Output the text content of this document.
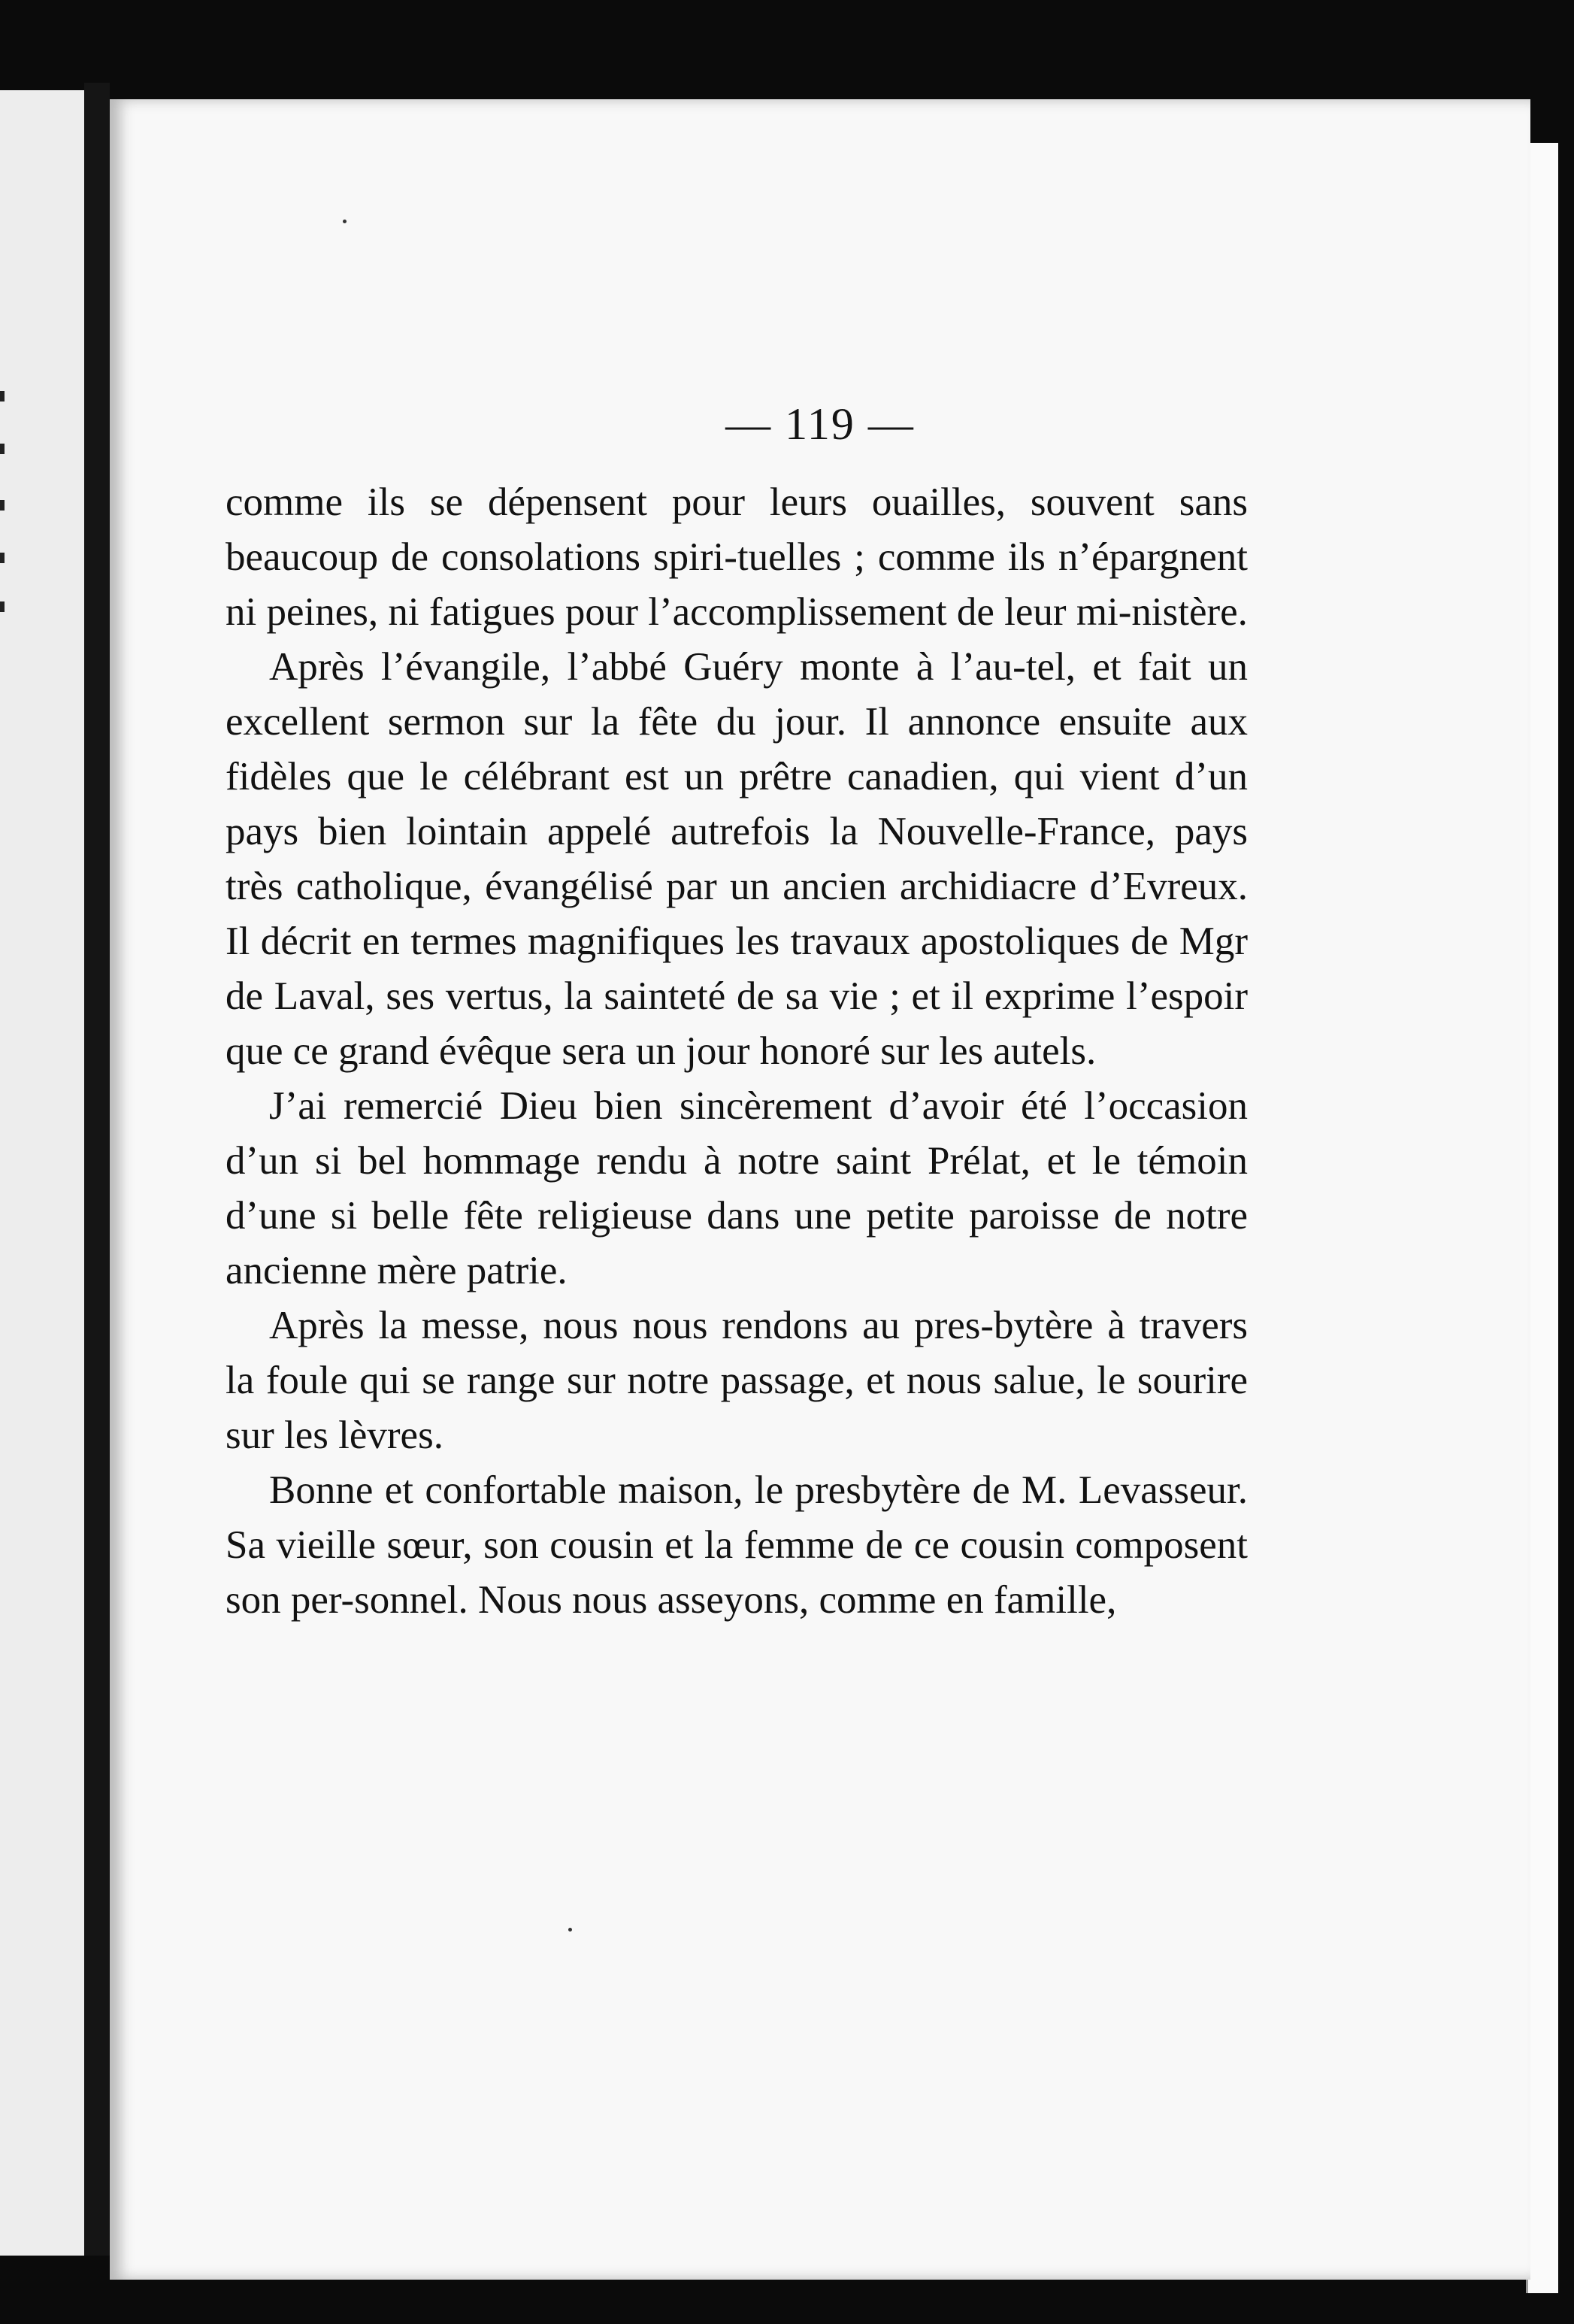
— 119 —

comme ils se dépensent pour leurs ouailles, souvent sans beaucoup de consolations spiri-tuelles ; comme ils n’épargnent ni peines, ni fatigues pour l’accomplissement de leur mi-nistère.

Après l’évangile, l’abbé Guéry monte à l’au-tel, et fait un excellent sermon sur la fête du jour. Il annonce ensuite aux fidèles que le célébrant est un prêtre canadien, qui vient d’un pays bien lointain appelé autrefois la Nouvelle-France, pays très catholique, évangélisé par un ancien archidiacre d’Evreux. Il décrit en termes magnifiques les travaux apostoliques de Mgr de Laval, ses vertus, la sainteté de sa vie ; et il exprime l’espoir que ce grand évêque sera un jour honoré sur les autels.

J’ai remercié Dieu bien sincèrement d’avoir été l’occasion d’un si bel hommage rendu à notre saint Prélat, et le témoin d’une si belle fête religieuse dans une petite paroisse de notre ancienne mère patrie.

Après la messe, nous nous rendons au pres-bytère à travers la foule qui se range sur notre passage, et nous salue, le sourire sur les lèvres.

Bonne et confortable maison, le presbytère de M. Levasseur. Sa vieille sœur, son cousin et la femme de ce cousin composent son per-sonnel. Nous nous asseyons, comme en famille,
